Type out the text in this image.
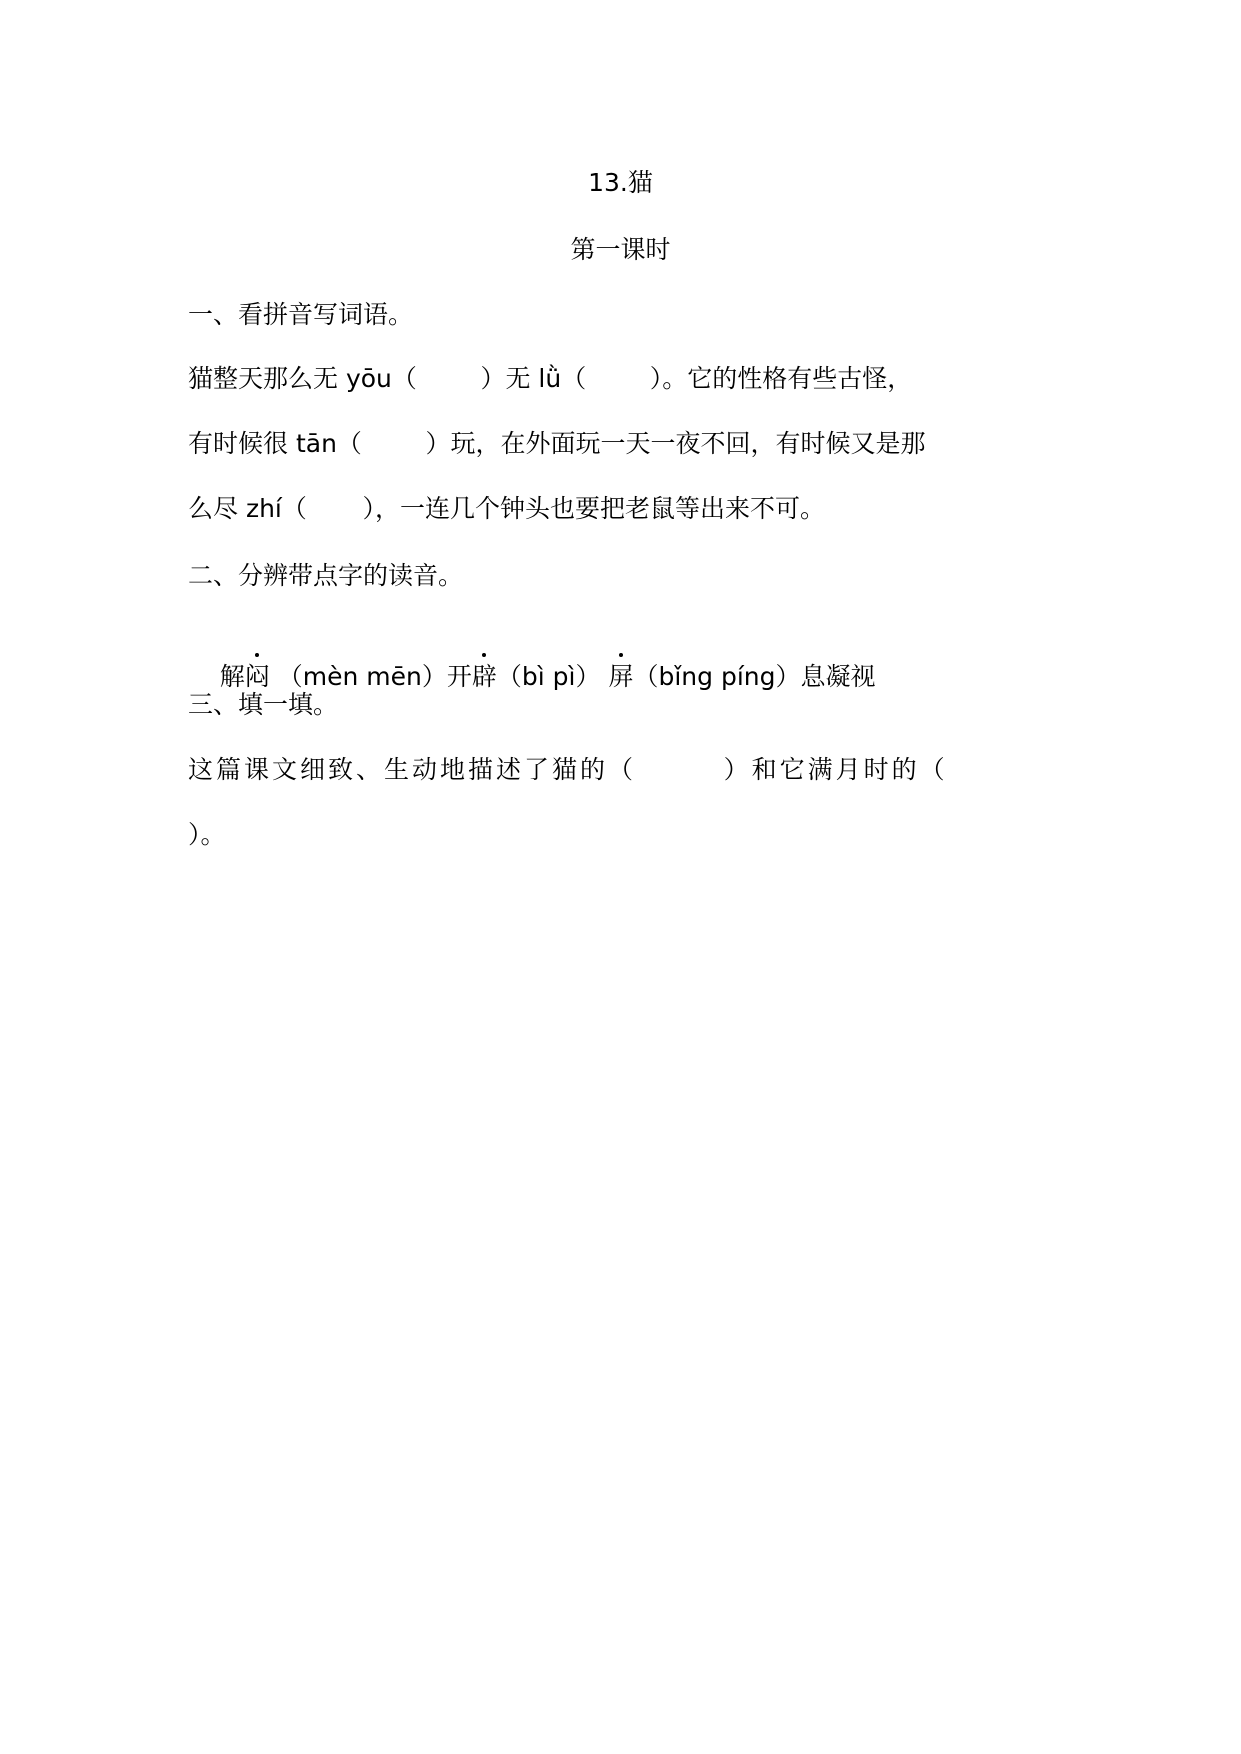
13.猫
第一课时
一、看拼音写词语。
猫整天那么无 yōu（        ）无 lǜ（        ）。它的性格有些古怪，
有时候很 tān（        ）玩，在外面玩一天一夜不回，有时候又是那
么尽 zhí（       ），一连几个钟头也要把老鼠等出来不可。
二、分辨带点字的读音。

解闷 （mèn mēn）开辟（bì pì） 屏（bǐng píng）息凝视

三、填一填。
这篇课文细致、生动地描述了猫的（        ）和它满月时的（
）。
